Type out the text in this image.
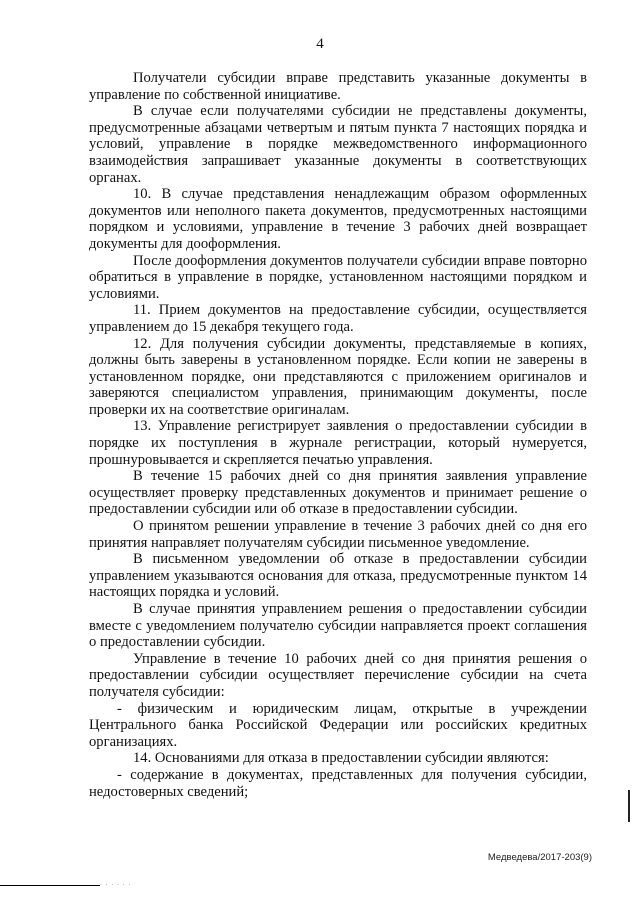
4

Получатели субсидии вправе представить указанные документы в управление по собственной инициативе.

В случае если получателями субсидии не представлены документы, предусмотренные абзацами четвертым и пятым пункта 7 настоящих порядка и условий, управление в порядке межведомственного информационного взаимодействия запрашивает указанные документы в соответствующих органах.

10. В случае представления ненадлежащим образом оформленных документов или неполного пакета документов, предусмотренных настоящими порядком и условиями, управление в течение 3 рабочих дней возвращает документы для дооформления.

После дооформления документов получатели субсидии вправе повторно обратиться в управление в порядке, установленном настоящими порядком и условиями.

11. Прием документов на предоставление субсидии, осуществляется управлением до 15 декабря текущего года.

12. Для получения субсидии документы, представляемые в копиях, должны быть заверены в установленном порядке. Если копии не заверены в установленном порядке, они представляются с приложением оригиналов и заверяются специалистом управления, принимающим документы, после проверки их на соответствие оригиналам.

13. Управление регистрирует заявления о предоставлении субсидии в порядке их поступления в журнале регистрации, который нумеруется, прошнуровывается и скрепляется печатью управления.

В течение 15 рабочих дней со дня принятия заявления управление осуществляет проверку представленных документов и принимает решение о предоставлении субсидии или об отказе в предоставлении субсидии.

О принятом решении управление в течение 3 рабочих дней со дня его принятия направляет получателям субсидии письменное уведомление.

В письменном уведомлении об отказе в предоставлении субсидии управлением указываются основания для отказа, предусмотренные пунктом 14 настоящих порядка и условий.

В случае принятия управлением решения о предоставлении субсидии вместе с уведомлением получателю субсидии направляется проект соглашения о предоставлении субсидии.

Управление в течение 10 рабочих дней со дня принятия решения о предоставлении субсидии осуществляет перечисление субсидии на счета получателя субсидии:

- физическим и юридическим лицам, открытые в учреждении Центрального банка Российской Федерации или российских кредитных организациях.

14. Основаниями для отказа в предоставлении субсидии являются:

- содержание в документах, представленных для получения субсидии, недостоверных сведений;

Медведева/2017-203(9)
· · · · · ·
